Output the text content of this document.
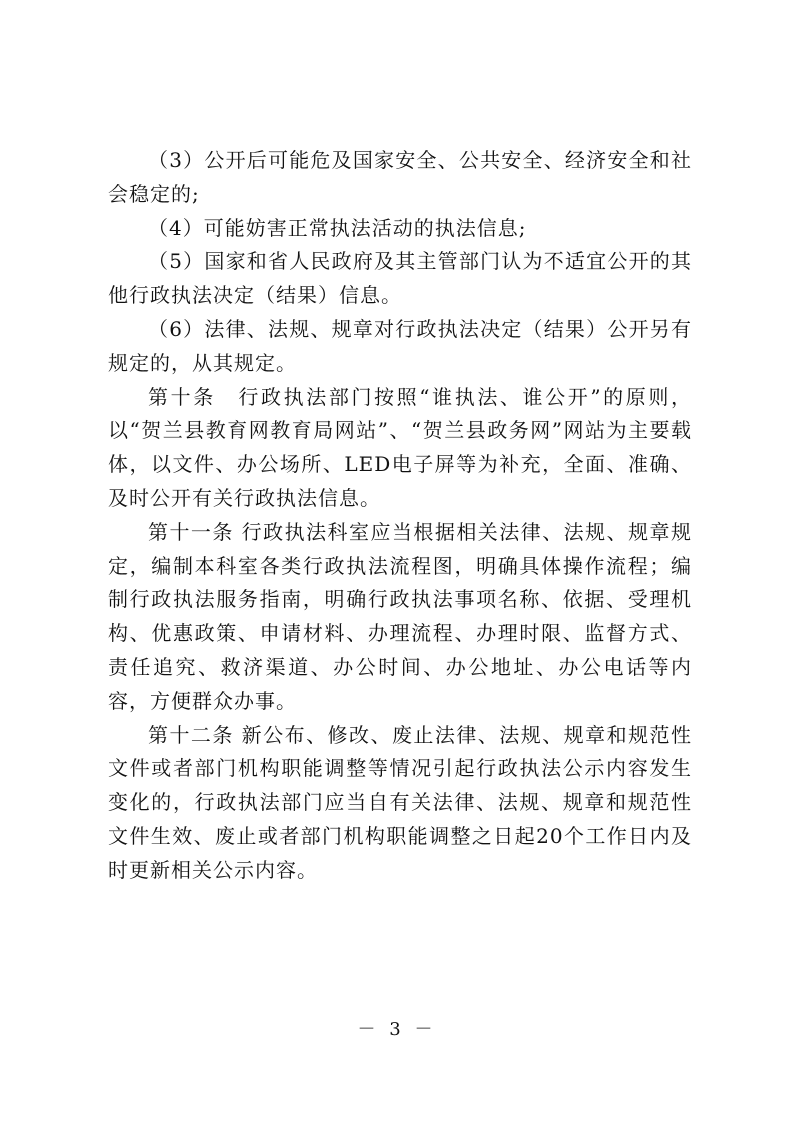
（3）公开后可能危及国家安全、公共安全、经济安全和社会稳定的;

（4）可能妨害正常执法活动的执法信息;

（5）国家和省人民政府及其主管部门认为不适宜公开的其他行政执法决定（结果）信息。

（6）法律、法规、规章对行政执法决定（结果）公开另有规定的，从其规定。

第十条　行政执法部门按照“谁执法、谁公开”的原则，以“贺兰县教育网教育局网站”、“贺兰县政务网”网站为主要载体，以文件、办公场所、LED电子屏等为补充，全面、准确、及时公开有关行政执法信息。

第十一条 行政执法科室应当根据相关法律、法规、规章规定，编制本科室各类行政执法流程图，明确具体操作流程；编制行政执法服务指南，明确行政执法事项名称、依据、受理机构、优惠政策、申请材料、办理流程、办理时限、监督方式、责任追究、救济渠道、办公时间、办公地址、办公电话等内容，方便群众办事。

第十二条 新公布、修改、废止法律、法规、规章和规范性文件或者部门机构职能调整等情况引起行政执法公示内容发生变化的，行政执法部门应当自有关法律、法规、规章和规范性文件生效、废止或者部门机构职能调整之日起20个工作日内及时更新相关公示内容。

－ 3 －
